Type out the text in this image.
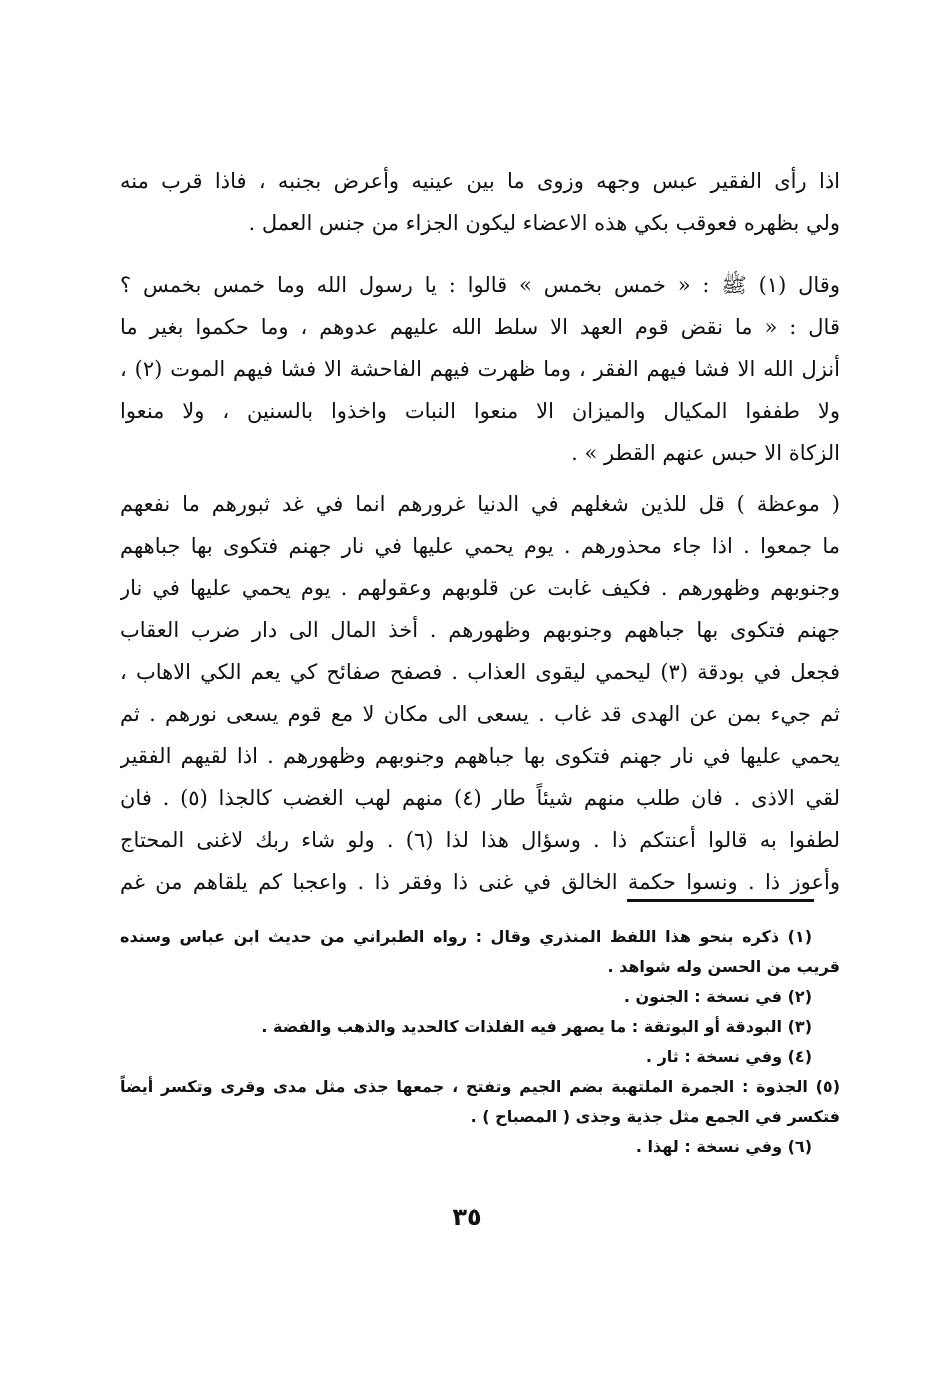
اذا رأى الفقير عبس وجهه وزوى ما بين عينيه وأعرض بجنبه ، فاذا قرب منه
ولي بظهره فعوقب بكي هذه الاعضاء ليكون الجزاء من جنس العمل .
وقال (١) ﷺ : « خمس بخمس » قالوا : يا رسول الله وما خمس بخمس ؟
قال : « ما نقض قوم العهد الا سلط الله عليهم عدوهم ، وما حكموا بغير ما
أنزل الله الا فشا فيهم الفقر ، وما ظهرت فيهم الفاحشة الا فشا فيهم الموت (٢) ،
ولا طففوا المكيال والميزان الا منعوا النبات واخذوا بالسنين ، ولا منعوا
الزكاة الا حبس عنهم القطر » .
( موعظة ) قل للذين شغلهم في الدنيا غرورهم انما في غد ثبورهم ما نفعهم
ما جمعوا . اذا جاء محذورهم . يوم يحمي عليها في نار جهنم فتكوى بها جباههم
وجنوبهم وظهورهم . فكيف غابت عن قلوبهم وعقولهم . يوم يحمي عليها في نار
جهنم فتكوى بها جباههم وجنوبهم وظهورهم . أخذ المال الى دار ضرب العقاب
فجعل في بودقة (٣) ليحمي ليقوى العذاب . فصفح صفائح كي يعم الكي الاهاب ،
ثم جيء بمن عن الهدى قد غاب . يسعى الى مكان لا مع قوم يسعى نورهم . ثم
يحمي عليها في نار جهنم فتكوى بها جباههم وجنوبهم وظهورهم . اذا لقيهم الفقير
لقي الاذى . فان طلب منهم شيئاً طار (٤) منهم لهب الغضب كالجذا (٥) . فان
لطفوا به قالوا أعنتكم ذا . وسؤال هذا لذا (٦) . ولو شاء ربك لاغنى المحتاج
وأعوز ذا . ونسوا حكمة الخالق في غنى ذا وفقر ذا . واعجبا كم يلقاهم من غم
(١) ذكره بنحو هذا اللفظ المنذري وقال : رواه الطبراني من حديث ابن عباس وسنده
قريب من الحسن وله شواهد .
(٢) في نسخة : الجنون .
(٣) البودقة أو البوتقة : ما يصهر فيه الفلذات كالحديد والذهب والفضة .
(٤) وفي نسخة : ثار .
(٥) الجذوة : الجمرة الملتهبة بضم الجيم وتفتح ، جمعها جذى مثل مدى وقرى وتكسر أيضاً
فتكسر في الجمع مثل جذية وجذى ( المصباح ) .
(٦) وفي نسخة : لهذا .
٣٥
